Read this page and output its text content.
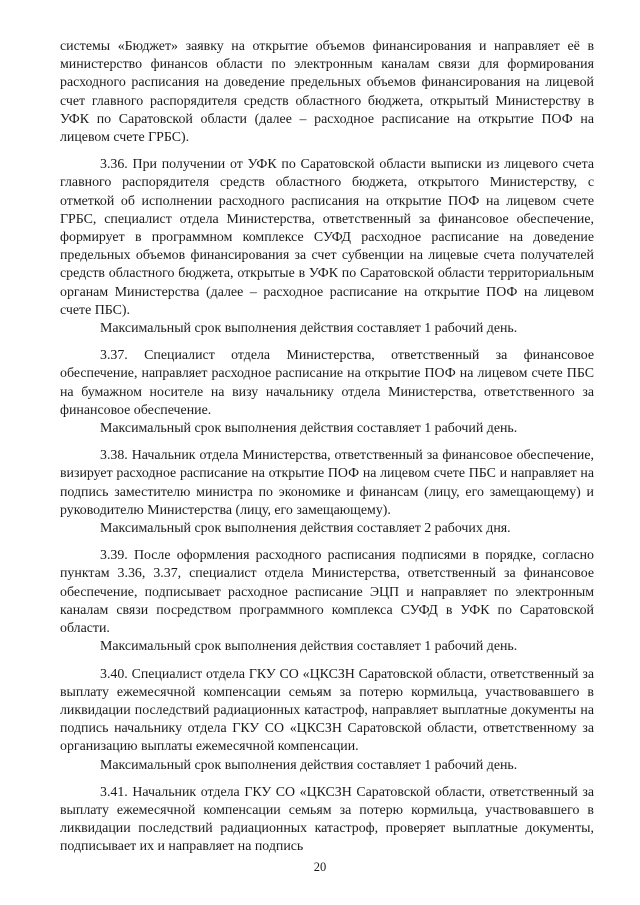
системы «Бюджет» заявку на открытие объемов финансирования и направляет её в министерство финансов области по электронным каналам связи для формирования расходного расписания на доведение предельных объемов финансирования на лицевой счет главного распорядителя средств областного бюджета, открытый Министерству в УФК по Саратовской области (далее – расходное расписание на открытие ПОФ на лицевом счете ГРБС).

3.36. При получении от УФК по Саратовской области выписки из лицевого счета главного распорядителя средств областного бюджета, открытого Министерству, с отметкой об исполнении расходного расписания на открытие ПОФ на лицевом счете ГРБС, специалист отдела Министерства, ответственный за финансовое обеспечение, формирует в программном комплексе СУФД расходное расписание на доведение предельных объемов финансирования за счет субвенции на лицевые счета получателей средств областного бюджета, открытые в УФК по Саратовской области территориальным органам Министерства (далее – расходное расписание на открытие ПОФ на лицевом счете ПБС).

Максимальный срок выполнения действия составляет 1 рабочий день.

3.37. Специалист отдела Министерства, ответственный за финансовое обеспечение, направляет расходное расписание на открытие ПОФ на лицевом счете ПБС на бумажном носителе на визу начальнику отдела Министерства, ответственного за финансовое обеспечение.

Максимальный срок выполнения действия составляет 1 рабочий день.

3.38. Начальник отдела Министерства, ответственный за финансовое обеспечение, визирует расходное расписание на открытие ПОФ на лицевом счете ПБС и направляет на подпись заместителю министра по экономике и финансам (лицу, его замещающему) и руководителю Министерства (лицу, его замещающему).

Максимальный срок выполнения действия составляет 2 рабочих дня.

3.39. После оформления расходного расписания подписями в порядке, согласно пунктам 3.36, 3.37, специалист отдела Министерства, ответственный за финансовое обеспечение, подписывает расходное расписание ЭЦП и направляет по электронным каналам связи посредством программного комплекса СУФД в УФК по Саратовской области.

Максимальный срок выполнения действия составляет 1 рабочий день.

3.40. Специалист отдела ГКУ СО «ЦКСЗН Саратовской области, ответственный за выплату ежемесячной компенсации семьям за потерю кормильца, участвовавшего в ликвидации последствий радиационных катастроф, направляет выплатные документы на подпись начальнику отдела ГКУ СО «ЦКСЗН Саратовской области, ответственному за организацию выплаты ежемесячной компенсации.

Максимальный срок выполнения действия составляет 1 рабочий день.

3.41. Начальник отдела ГКУ СО «ЦКСЗН Саратовской области, ответственный за выплату ежемесячной компенсации семьям за потерю кормильца, участвовавшего в ликвидации последствий радиационных катастроф, проверяет выплатные документы, подписывает их и направляет на подпись

20
